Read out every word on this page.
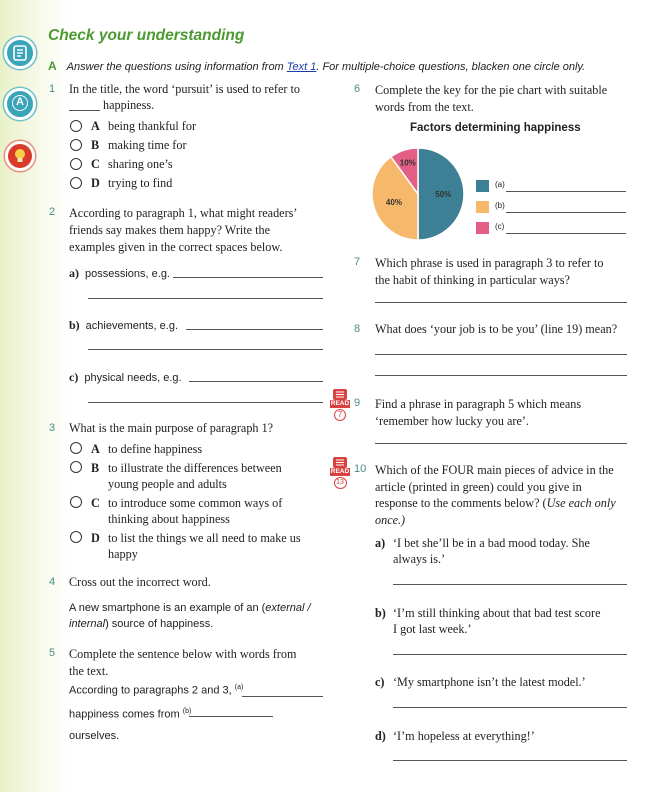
A
Check your understanding
A Answer the questions using information from Text 1. For multiple-choice questions, blacken one circle only.
1 In the title, the word ‘pursuit’ is used to refer to
happiness.
A being thankful for
B making time for
C sharing one’s
D trying to find
2 According to paragraph 1, what might readers’
friends say makes them happy? Write the
examples given in the correct spaces below.
a) possessions, e.g.
b) achievements, e.g.
c) physical needs, e.g.
3 What is the main purpose of paragraph 1?
A to define happiness
B to illustrate the differences between
young people and adults
C to introduce some common ways of
thinking about happiness
D to list the things we all need to make us
happy
4 Cross out the incorrect word.
A new smartphone is an example of an (external / internal) source of happiness.
5 Complete the sentence below with words from
the text.
According to paragraphs 2 and 3, $^{(a)}$
happiness comes from $^{(b)}$
ourselves.
6 Complete the key for the pie chart with suitable
words from the text.
Factors determining happiness
50%
40%
10%
(a)
(b)
(c)
7 Which phrase is used in paragraph 3 to refer to
the habit of thinking in particular ways?
8 What does ‘your job is to be you’ (line 19) mean?
READ
7
9 Find a phrase in paragraph 5 which means
‘remember how lucky you are’.
READ
13
10 Which of the FOUR main pieces of advice in the
article (printed in green) could you give in
response to the comments below? (Use each only
once.)
a) ‘I bet she’ll be in a bad mood today. She
always is.’
b) ‘I’m still thinking about that bad test score
I got last week.’
c) ‘My smartphone isn’t the latest model.’
d) ‘I’m hopeless at everything!’
